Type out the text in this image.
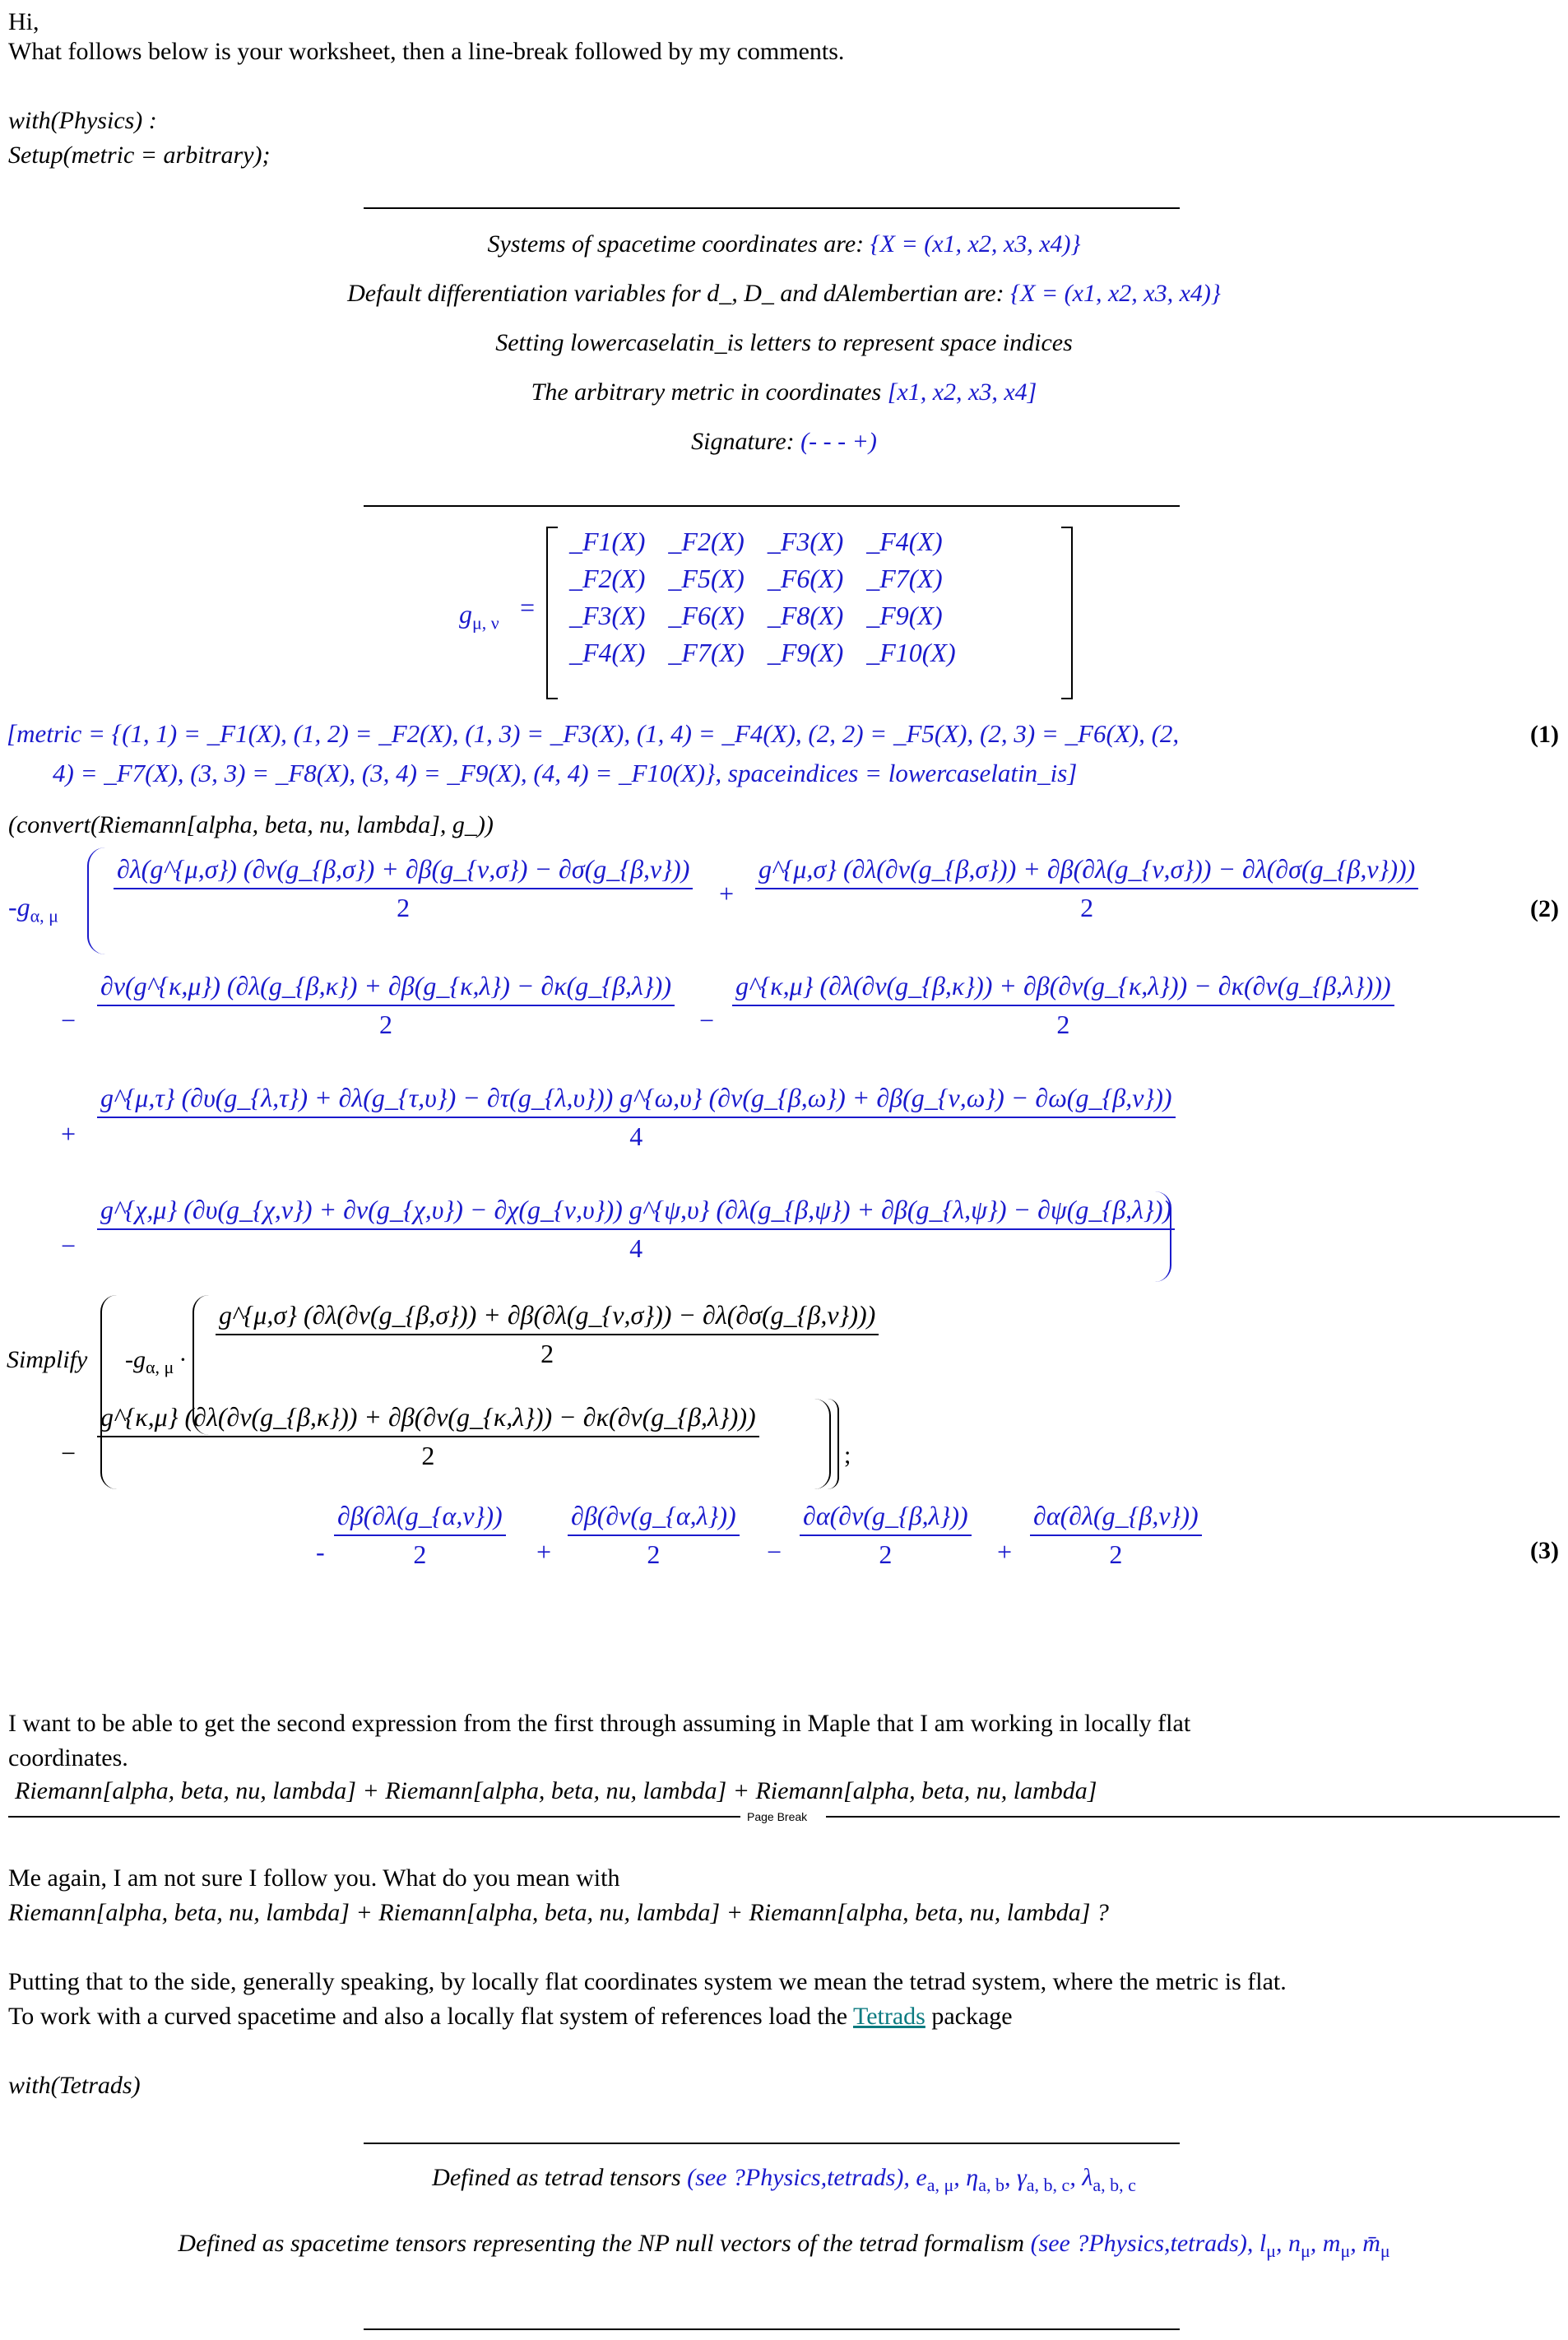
Hi,
What follows below is your worksheet, then a line-break followed by my comments.
with(Physics) :
Setup(metric = arbitrary);
Systems of spacetime coordinates are: {X = (x1, x2, x3, x4)}
Default differentiation variables for d_, D_ and dAlembertian are: {X = (x1, x2, x3, x4)}
Setting lowercaselatin_is letters to represent space indices
The arbitrary metric in coordinates [x1, x2, x3, x4]
Signature: (- - - +)
$g_{\mu, \nu}$
=
_F1(X)	_F2(X)	_F3(X)	_F4(X)
_F2(X)	_F5(X)	_F6(X)	_F7(X)
_F3(X)	_F6(X)	_F8(X)	_F9(X)
_F4(X)	_F7(X)	_F9(X)	_F10(X)
[metric = {(1, 1) = _F1(X), (1, 2) = _F2(X), (1, 3) = _F3(X), (1, 4) = _F4(X), (2, 2) = _F5(X), (2, 3) = _F6(X), (2,
4) = _F7(X), (3, 3) = _F8(X), (3, 4) = _F9(X), (4, 4) = _F10(X)}, spaceindices = lowercaselatin_is]
(1)
(convert(Riemann[alpha, beta, nu, lambda], g_))
(2)
$-g_{\alpha, \mu} \frac{\partial\lambda(g\^{}\{\mu,\sigma\}) (\partial\nu(g\_\{\beta,\sigma\}) + \partial\beta(g\_\{\nu,\sigma\}) - \partial\sigma(g\_\{\beta,\nu\}))}{2}$ +
g^{μ,σ} (∂λ(∂ν(g_{β,σ})) + ∂β(∂λ(g_{ν,σ})) − ∂λ(∂σ(g_{β,ν})))
2
− $\frac{\partial\nu(g\^{}\{\kappa,\mu\}) (\partial\lambda(g\_\{\beta,\kappa\}) + \partial\beta(g\_\{\kappa,\lambda\}) - \partial\kappa(g\_\{\beta,\lambda\}))}{2}$ −
g^{κ,μ} (∂λ(∂ν(g_{β,κ})) + ∂β(∂ν(g_{κ,λ})) − ∂κ(∂ν(g_{β,λ})))
2
+
g^{μ,τ} (∂υ(g_{λ,τ}) + ∂λ(g_{τ,υ}) − ∂τ(g_{λ,υ})) g^{ω,υ} (∂ν(g_{β,ω}) + ∂β(g_{ν,ω}) − ∂ω(g_{β,ν}))
4
−
g^{χ,μ} (∂υ(g_{χ,ν}) + ∂ν(g_{χ,υ}) − ∂χ(g_{ν,υ})) g^{ψ,υ} (∂λ(g_{β,ψ}) + ∂β(g_{λ,ψ}) − ∂ψ(g_{β,λ}))
4
Simplify $-g_{\alpha, \mu}$ ·
g^{μ,σ} (∂λ(∂ν(g_{β,σ})) + ∂β(∂λ(g_{ν,σ})) − ∂λ(∂σ(g_{β,ν})))
2
−
g^{κ,μ} (∂λ(∂ν(g_{β,κ})) + ∂β(∂ν(g_{κ,λ})) − ∂κ(∂ν(g_{β,λ})))
2	;
(3)
- $\frac{\partial\beta(\partial\lambda(g\_\{\alpha,\nu\}))}{2} + \frac{\partial\beta(\partial\nu(g\_\{\alpha,\lambda\}))}{2} - \frac{\partial\alpha(\partial\nu(g\_\{\beta,\lambda\}))}{2} + \frac{\partial\alpha(\partial\lambda(g\_\{\beta,\nu\}))}{2}$
I want to be able to get the second expression from the first through assuming in Maple that I am working in locally flat
coordinates.
Riemann[alpha, beta, nu, lambda] + Riemann[alpha, beta, nu, lambda] + Riemann[alpha, beta, nu, lambda]
Page Break
Me again, I am not sure I follow you. What do you mean with
Riemann[alpha, beta, nu, lambda] + Riemann[alpha, beta, nu, lambda] + Riemann[alpha, beta, nu, lambda] ?
Putting that to the side, generally speaking, by locally flat coordinates system we mean the tetrad system, where the metric is flat.
To work with a curved spacetime and also a locally flat system of references load the Tetrads package
with(Tetrads)
Defined as tetrad tensors (see ?Physics,tetrads), $e_{a, \mu}$, $\eta_{a, b}$, $\gamma_{a, b, c}$, $\lambda_{a, b, c}$
Defined as spacetime tensors representing the NP null vectors of the tetrad formalism (see ?Physics,tetrads), $l_\mu$, $n_\mu$, $m_\mu$, $m̄_\mu$
